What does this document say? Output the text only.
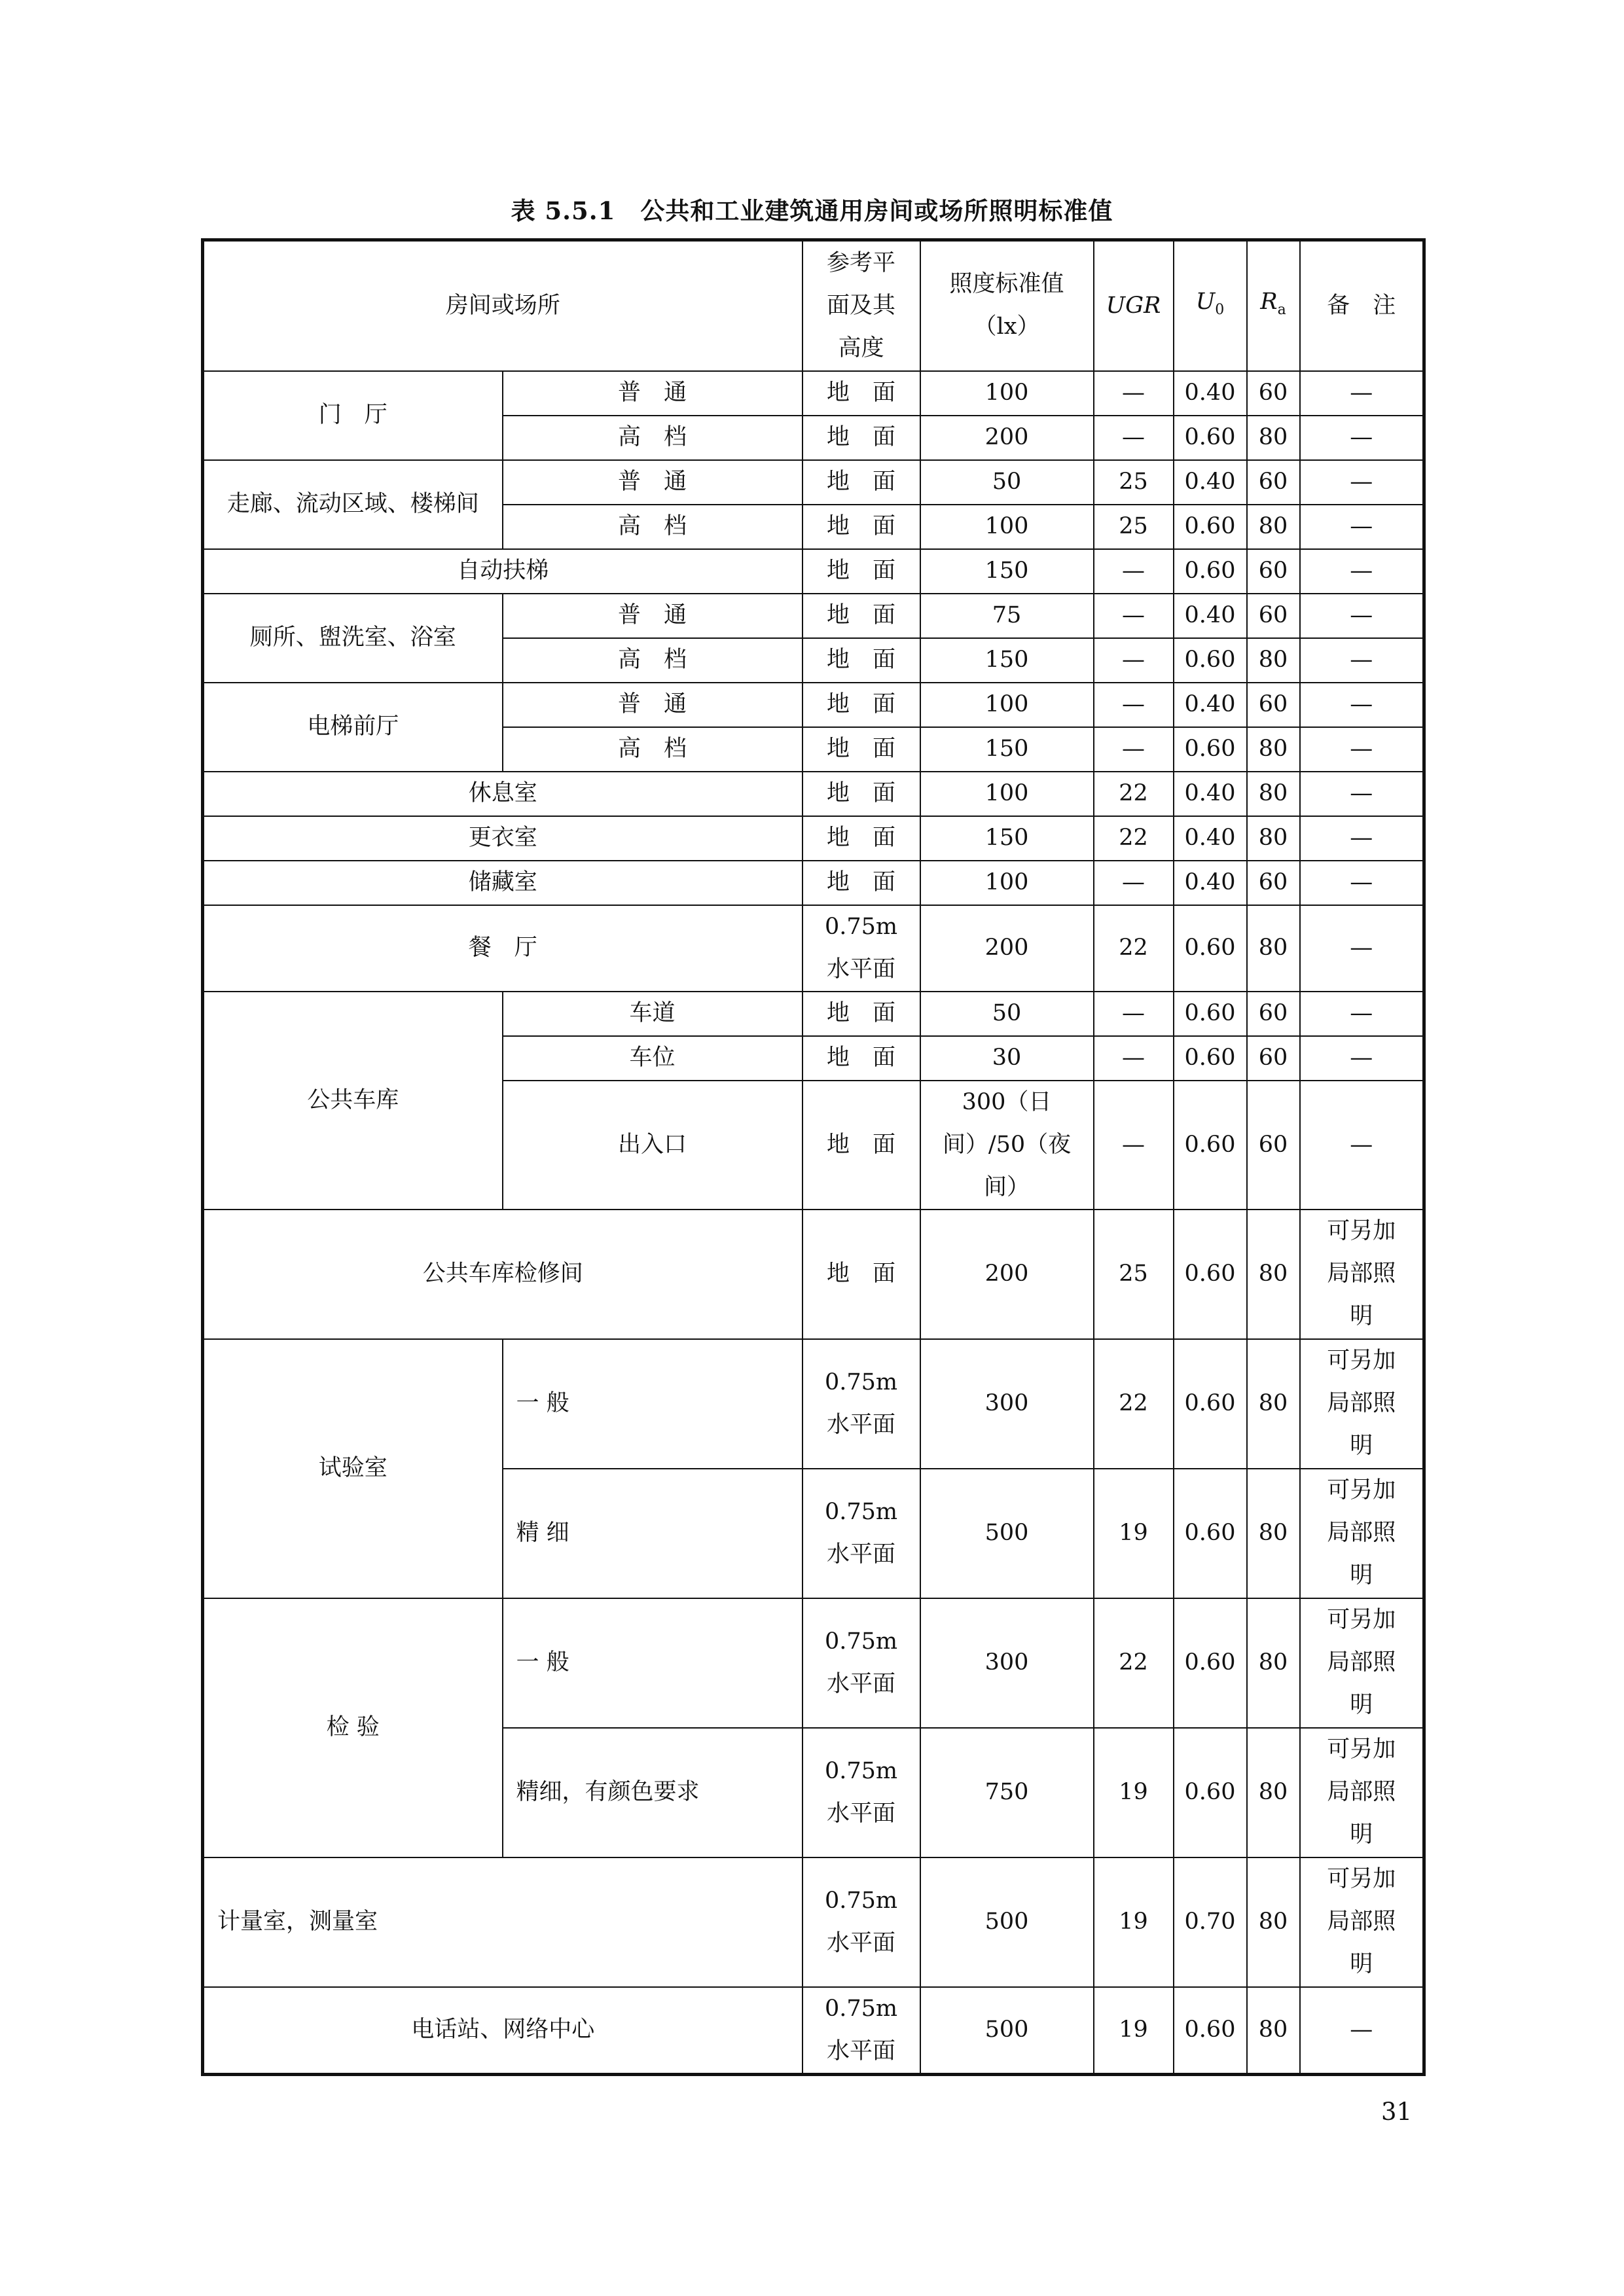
表 5.5.1　公共和工业建筑通用房间或场所照明标准值
房间或场所		参考平面及其高度	照度标准值（lx）	UGR	$U_0$	$R_a$	备　注
门　厅	普　通	地　面	100	—	0.40	60	—
	高　档	地　面	200	—	0.60	80	—
走廊、流动区域、楼梯间	普　通	地　面	50	25	0.40	60	—
	高　档	地　面	100	25	0.60	80	—
自动扶梯		地　面	150	—	0.60	60	—
厕所、盥洗室、浴室	普　通	地　面	75	—	0.40	60	—
	高　档	地　面	150	—	0.60	80	—
电梯前厅	普　通	地　面	100	—	0.40	60	—
	高　档	地　面	150	—	0.60	80	—
休息室		地　面	100	22	0.40	80	—
更衣室		地　面	150	22	0.40	80	—
储藏室		地　面	100	—	0.40	60	—
餐　厅		0.75m水平面	200	22	0.60	80	—
公共车库	车道	地　面	50	—	0.60	60	—
	车位	地　面	30	—	0.60	60	—
	出入口	地　面	300（日间）/50（夜间）	—	0.60	60	—
公共车库检修间		地　面	200	25	0.60	80	可另加局部照明
试验室	一 般	0.75m水平面	300	22	0.60	80	可另加局部照明
	精 细	0.75m水平面	500	19	0.60	80	可另加局部照明
检 验	一 般	0.75m水平面	300	22	0.60	80	可另加局部照明
	精细，有颜色要求	0.75m水平面	750	19	0.60	80	可另加局部照明
计量室，测量室		0.75m水平面	500	19	0.70	80	可另加局部照明
电话站、网络中心		0.75m水平面	500	19	0.60	80	—
31
